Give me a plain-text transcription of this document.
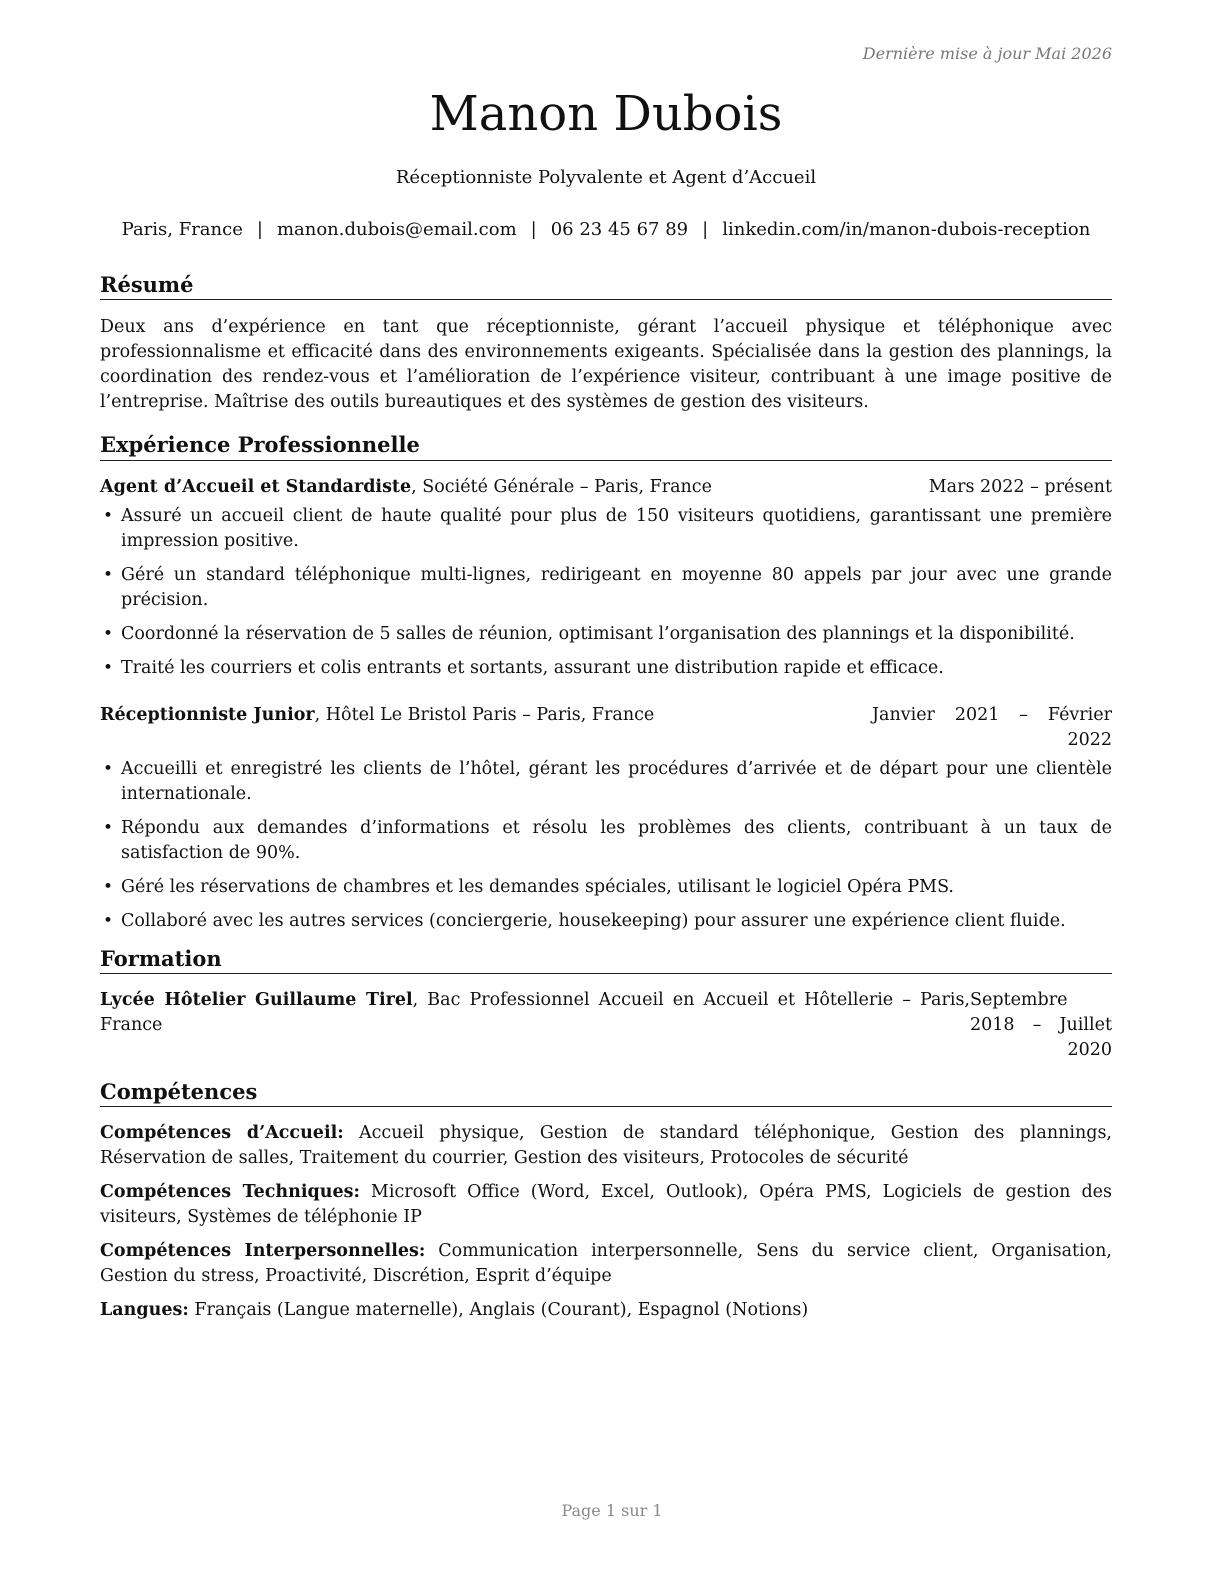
Dernière mise à jour Mai 2026
Manon Dubois
Réceptionniste Polyvalente et Agent d’Accueil
Paris, France | manon.dubois@email.com | 06 23 45 67 89 | linkedin.com/in/manon-dubois-reception
Résumé

Deux ans d’expérience en tant que réceptionniste, gérant l’accueil physique et téléphonique avec professionnalisme et efficacité dans des environnements exigeants. Spécialisée dans la gestion des plannings, la coordination des rendez-vous et l’amélioration de l’expérience visiteur, contribuant à une image positive de l’entreprise. Maîtrise des outils bureautiques et des systèmes de gestion des visiteurs.

Expérience Professionnelle
Agent d’Accueil et Standardiste, Société Générale – Paris, France	Mars 2022 – présent
• Assuré un accueil client de haute qualité pour plus de 150 visiteurs quotidiens, garantissant une première impression positive.
• Géré un standard téléphonique multi-lignes, redirigeant en moyenne 80 appels par jour avec une grande précision.
• Coordonné la réservation de 5 salles de réunion, optimisant l’organisation des plannings et la disponibilité.
• Traité les courriers et colis entrants et sortants, assurant une distribution rapide et efficace.
Réceptionniste Junior, Hôtel Le Bristol Paris – Paris, France	Janvier 2021 – Février 2022
• Accueilli et enregistré les clients de l’hôtel, gérant les procédures d’arrivée et de départ pour une clientèle internationale.
• Répondu aux demandes d’informations et résolu les problèmes des clients, contribuant à un taux de satisfaction de 90%.
• Géré les réservations de chambres et les demandes spéciales, utilisant le logiciel Opéra PMS.
• Collaboré avec les autres services (conciergerie, housekeeping) pour assurer une expérience client fluide.
Formation
Lycée Hôtelier Guillaume Tirel, Bac Professionnel Accueil en Accueil et Hôtellerie – Paris, France
Septembre 2018 – Juillet 2020
Compétences

Compétences d’Accueil: Accueil physique, Gestion de standard téléphonique, Gestion des plannings, Réservation de salles, Traitement du courrier, Gestion des visiteurs, Protocoles de sécurité

Compétences Techniques: Microsoft Office (Word, Excel, Outlook), Opéra PMS, Logiciels de gestion des visiteurs, Systèmes de téléphonie IP

Compétences Interpersonnelles: Communication interpersonnelle, Sens du service client, Organisation, Gestion du stress, Proactivité, Discrétion, Esprit d’équipe

Langues: Français (Langue maternelle), Anglais (Courant), Espagnol (Notions)

Page 1 sur 1
